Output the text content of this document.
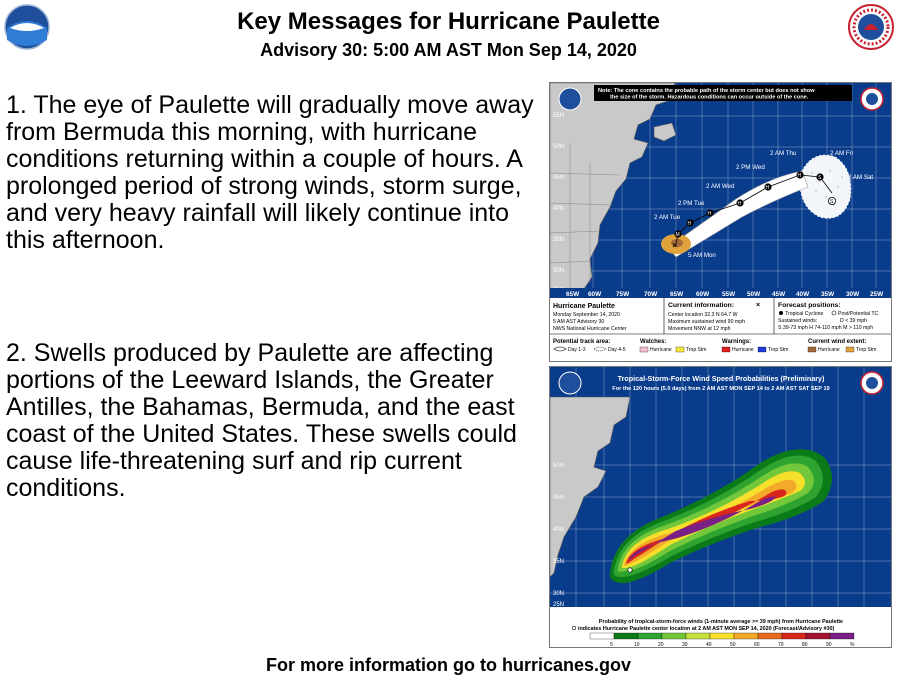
Key Messages for Hurricane Paulette
Advisory 30: 5:00 AM AST Mon Sep 14, 2020
1. The eye of Paulette will gradually move away from Bermuda this morning, with hurricane conditions returning within a couple of hours. A prolonged period of strong winds, storm surge, and very heavy rainfall will likely continue into this afternoon.
2. Swells produced by Paulette are affecting portions of the Leeward Islands, the Greater Antilles, the Bahamas, Bermuda, and the east coast of the United States. These swells could cause life-threatening surf and rip current conditions.
Note: The cone contains the probable path of the storm center but does not show the size of the storm. Hazardous conditions can occur outside of the cone.
M
H
H
H
H
H	S
S
×
5 AM Mon
2 AM Tue
2 PM Tue
2 AM Wed
2 PM Wed
2 AM Thu	2 AM Fri
2 AM Sat
55N
50N
45N
40N
35N
30N
65W 60W 75W 70W 65W 60W 55W 50W 45W 40W 35W 30W 25W
Hurricane Paulette
Monday September 14, 2020
5 AM AST Advisory 30
NWS National Hurricane Center
Current information:	×
Center location 32.3 N 64.7 W
Maximum sustained wind 90 mph
Movement NNW at 12 mph
Forecast positions:
Tropical Cyclone	Post/Potential TC
Sustained winds:	D < 39 mph
S 39-73 mph H 74-110 mph M > 110 mph
Potential track area:
Day 1-3	Day 4-5
Watches:
Hurricane	Trop Stm
Warnings:
Hurricane	Trop Stm
Current wind extent:
Hurricane	Trop Stm
Tropical-Storm-Force Wind Speed Probabilities (Preliminary)
For the 120 hours (5.0 days) from 2 AM AST MON SEP 14 to 2 AM AST SAT SEP 19
50N
45N
40N
35N
30N
25N
75W 70W 65W 60W 55W 50W 45W 40W 35W 30W 25W 20W
Probability of tropical-storm-force winds (1-minute average >= 39 mph) from Hurricane Paulette
indicates Hurricane Paulette center location at 2 AM AST MON SEP 14, 2020 (Forecast/Advisory #30)
5	10	20	30	40	50	60	70	80	90	%
For more information go to hurricanes.gov
